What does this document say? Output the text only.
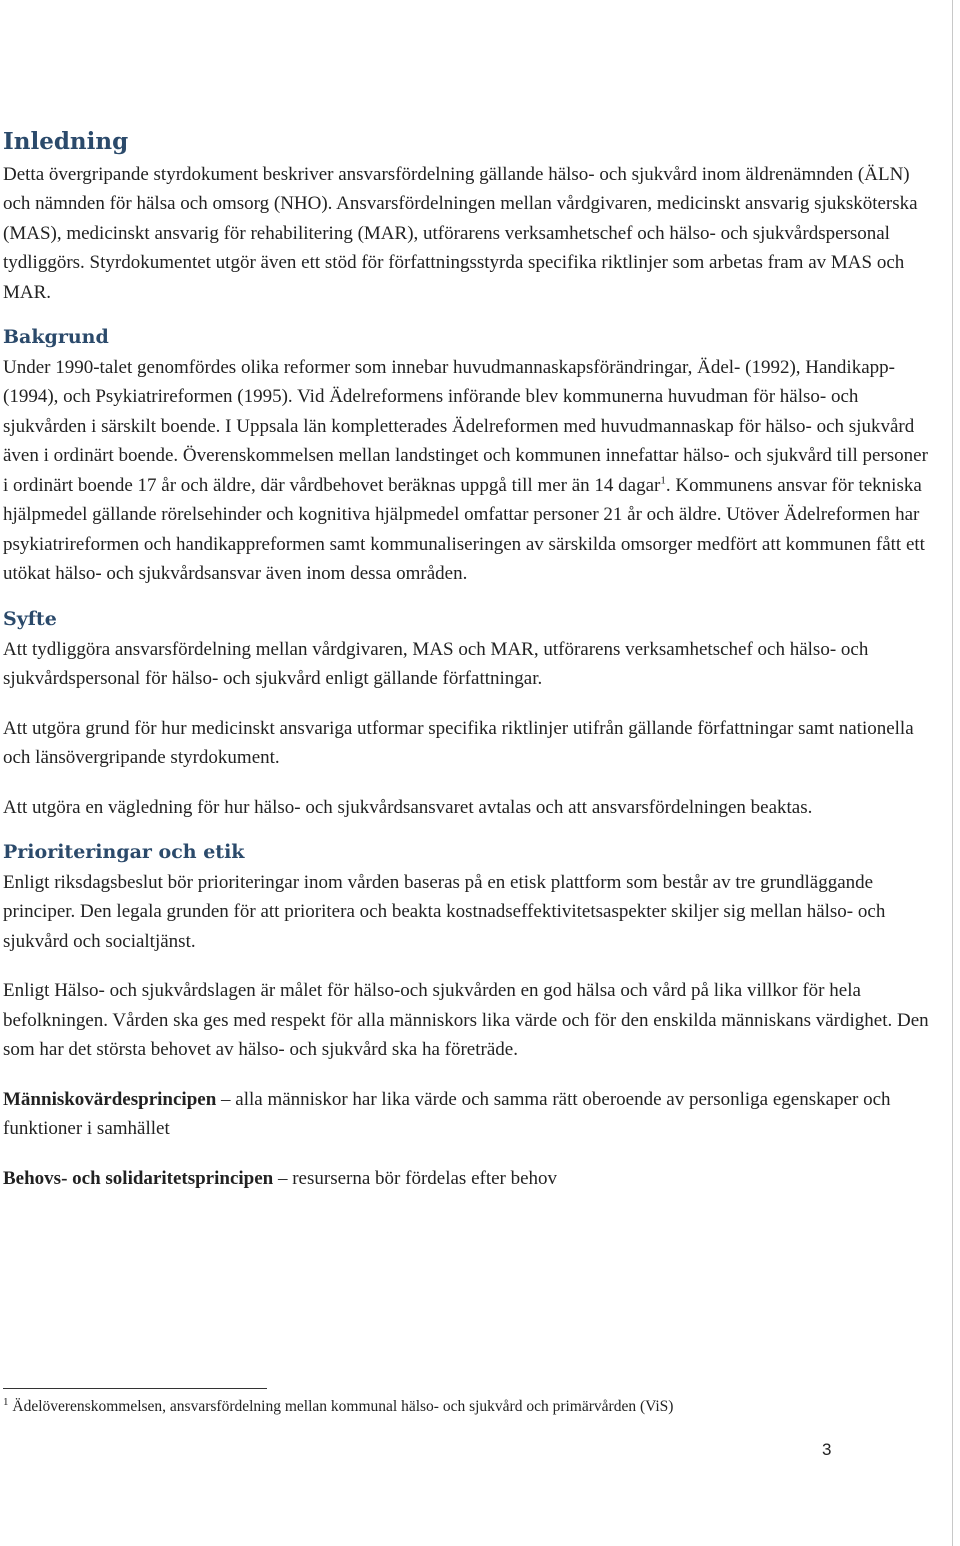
Inledning

Detta övergripande styrdokument beskriver ansvarsfördelning gällande hälso- och sjukvård inom äldrenämnden (ÄLN) och nämnden för hälsa och omsorg (NHO). Ansvarsfördelningen mellan vårdgivaren, medicinskt ansvarig sjuksköterska (MAS), medicinskt ansvarig för rehabilitering (MAR), utförarens verksamhetschef och hälso- och sjukvårdspersonal tydliggörs. Styrdokumentet utgör även ett stöd för författningsstyrda specifika riktlinjer som arbetas fram av MAS och MAR.

Bakgrund

Under 1990-talet genomfördes olika reformer som innebar huvudmannaskapsförändringar, Ädel- (1992), Handikapp- (1994), och Psykiatrireformen (1995). Vid Ädelreformens införande blev kommunerna huvudman för hälso- och sjukvården i särskilt boende. I Uppsala län kompletterades Ädelreformen med huvudmannaskap för hälso- och sjukvård även i ordinärt boende. Överenskommelsen mellan landstinget och kommunen innefattar hälso- och sjukvård till personer i ordinärt boende 17 år och äldre, där vårdbehovet beräknas uppgå till mer än 14 dagar$^1$. Kommunens ansvar för tekniska hjälpmedel gällande rörelsehinder och kognitiva hjälpmedel omfattar personer 21 år och äldre. Utöver Ädelreformen har psykiatrireformen och handikappreformen samt kommunaliseringen av särskilda omsorger medfört att kommunen fått ett utökat hälso- och sjukvårdsansvar även inom dessa områden.

Syfte

Att tydliggöra ansvarsfördelning mellan vårdgivaren, MAS och MAR, utförarens verksamhetschef och hälso- och sjukvårdspersonal för hälso- och sjukvård enligt gällande författningar.

Att utgöra grund för hur medicinskt ansvariga utformar specifika riktlinjer utifrån gällande författningar samt nationella och länsövergripande styrdokument.

Att utgöra en vägledning för hur hälso- och sjukvårdsansvaret avtalas och att ansvarsfördelningen beaktas.

Prioriteringar och etik

Enligt riksdagsbeslut bör prioriteringar inom vården baseras på en etisk plattform som består av tre grundläggande principer. Den legala grunden för att prioritera och beakta kostnadseffektivitetsaspekter skiljer sig mellan hälso- och sjukvård och socialtjänst.

Enligt Hälso- och sjukvårdslagen är målet för hälso-och sjukvården en god hälsa och vård på lika villkor för hela befolkningen. Vården ska ges med respekt för alla människors lika värde och för den enskilda människans värdighet. Den som har det största behovet av hälso- och sjukvård ska ha företräde.

Människovärdesprincipen – alla människor har lika värde och samma rätt oberoende av personliga egenskaper och funktioner i samhället

Behovs- och solidaritetsprincipen – resurserna bör fördelas efter behov

$^1$ Ädelöverenskommelsen, ansvarsfördelning mellan kommunal hälso- och sjukvård och primärvården (ViS)
3
